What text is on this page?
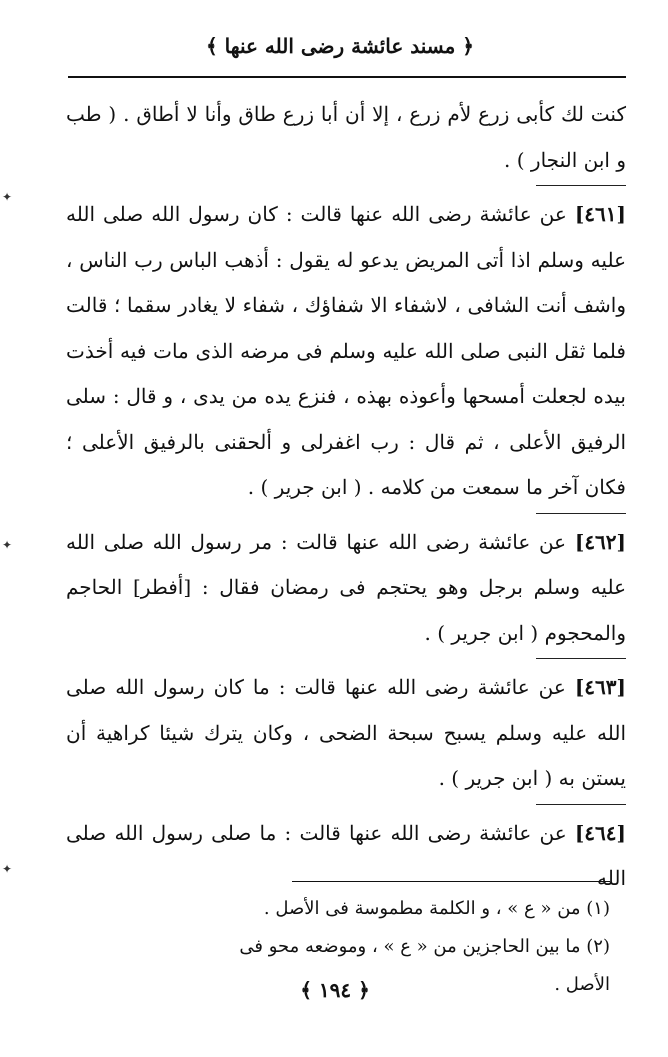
﴿ مسند عائشة رضى الله عنها ﴾

كنت لك كأبى زرع لأم زرع ، إلا أن أبا زرع طاق وأنا لا أطاق . ( طب و ابن النجار ) .

[٤٦١] عن عائشة رضى الله عنها قالت : كان رسول الله صلى الله عليه وسلم اذا أتى المريض يدعو له يقول : أذهب الباس رب الناس ، واشف أنت الشافى ، لاشفاء الا شفاؤك ، شفاء لا يغادر سقما ؛ قالت فلما ثقل النبى صلى الله عليه وسلم فى مرضه الذى مات فيه أخذت بيده لجعلت أمسحها وأعوذه بهذه ، فنزع يده من يدى ، و قال : سلى الرفيق الأعلى ، ثم قال : رب اغفرلى و ألحقنى بالرفيق الأعلى ؛ فكان آخر ما سمعت من كلامه . ( ابن جرير ) .

[٤٦٢] عن عائشة رضى الله عنها قالت : مر رسول الله صلى الله عليه وسلم برجل وهو يحتجم فى رمضان فقال : [أفطر] الحاجم والمحجوم ( ابن جرير ) .

[٤٦٣] عن عائشة رضى الله عنها قالت : ما كان رسول الله صلى الله عليه وسلم يسبح سبحة الضحى ، وكان يترك شيئا كراهية أن يستن به ( ابن جرير ) .

[٤٦٤] عن عائشة رضى الله عنها قالت : ما صلى رسول الله صلى الله

(١) من « ع » ، و الكلمة مطموسة فى الأصل .

(٢) ما بين الحاجزين من « ع » ، وموضعه محو فى الأصل .

﴿ ١٩٤ ﴾
✦
✦
✦
